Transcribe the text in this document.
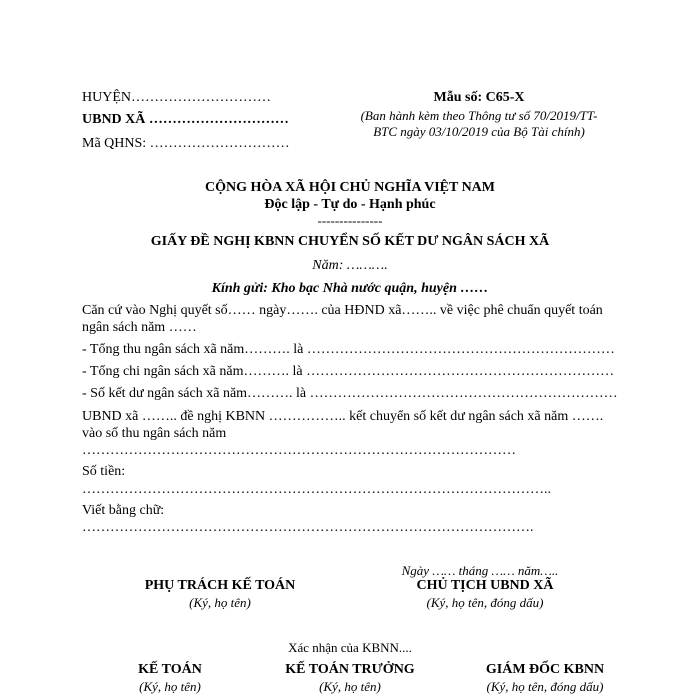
HUYỆN…………………………
UBND XÃ …………………………
Mã QHNS: …………………………
Mẫu số: C65-X
(Ban hành kèm theo Thông tư số 70/2019/TT-
BTC ngày 03/10/2019 của Bộ Tài chính)
CỘNG HÒA XÃ HỘI CHỦ NGHĨA VIỆT NAM
Độc lập - Tự do - Hạnh phúc
---------------
GIẤY ĐỀ NGHỊ KBNN CHUYỂN SỐ KẾT DƯ NGÂN SÁCH XÃ
Năm: ……….
Kính gửi: Kho bạc Nhà nước quận, huyện ……
Căn cứ vào Nghị quyết số…… ngày……. của HĐND xã…….. về việc phê chuẩn quyết toán
ngân sách năm ……
- Tổng thu ngân sách xã năm………. là …………………………………………………………
- Tổng chi ngân sách xã năm………. là …………………………………………………………
- Số kết dư ngân sách xã năm………. là …………………………………………………………
UBND xã …….. đề nghị KBNN …………….. kết chuyển số kết dư ngân sách xã năm …….
vào số thu ngân sách năm
…………………………………………………………………………………
Số tiền:
………………………………………………………………………………………..
Viết bằng chữ:
…………………………………………………………………………………….
Ngày …… tháng …… năm…..
PHỤ TRÁCH KẾ TOÁN
(Ký, họ tên)
CHỦ TỊCH UBND XÃ
(Ký, họ tên, đóng dấu)
Xác nhận của KBNN....
KẾ TOÁN
(Ký, họ tên)
KẾ TOÁN TRƯỞNG
(Ký, họ tên)
GIÁM ĐỐC KBNN
(Ký, họ tên, đóng dấu)
